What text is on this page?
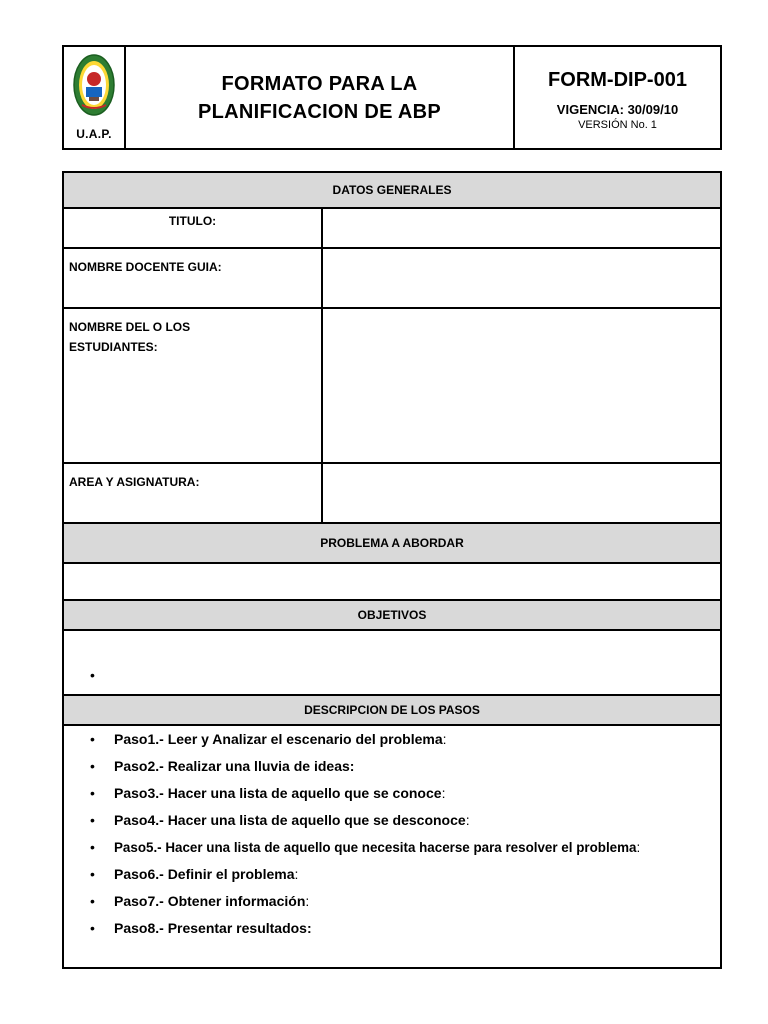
U.A.P.
FORMATO PARA LA
PLANIFICACION DE ABP
FORM-DIP-001
VIGENCIA: 30/09/10
VERSIÓN No. 1
DATOS GENERALES
TITULO:
NOMBRE DOCENTE GUIA:
NOMBRE DEL O LOS
ESTUDIANTES:
AREA Y ASIGNATURA:
PROBLEMA A ABORDAR
OBJETIVOS
•
DESCRIPCION DE LOS PASOS
• Paso1.- Leer y Analizar el escenario del problema:
• Paso2.- Realizar una lluvia de ideas:
• Paso3.- Hacer una lista de aquello que se conoce:
• Paso4.- Hacer una lista de aquello que se desconoce:
• Paso5.- Hacer una lista de aquello que necesita hacerse para resolver el problema:
• Paso6.- Definir el problema:
• Paso7.- Obtener información:
• Paso8.- Presentar resultados:
